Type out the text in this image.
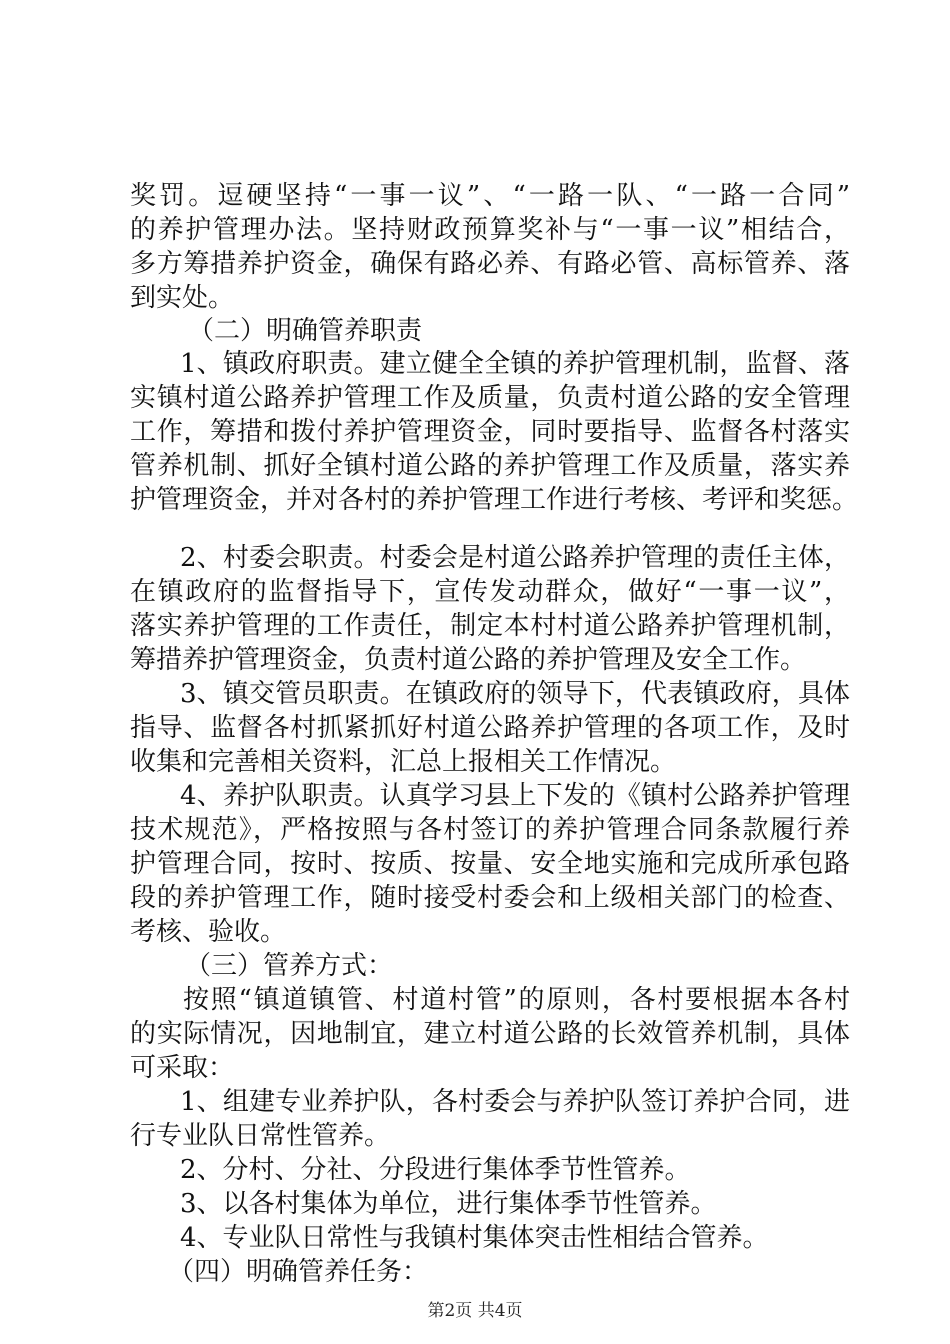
奖罚。逗硬坚持“一事一议”、“一路一队、“一路一合同”

的养护管理办法。坚持财政预算奖补与“一事一议”相结合，

多方筹措养护资金，确保有路必养、有路必管、高标管养、落

到实处。

（二）明确管养职责

1、镇政府职责。建立健全全镇的养护管理机制，监督、落

实镇村道公路养护管理工作及质量，负责村道公路的安全管理

工作，筹措和拨付养护管理资金，同时要指导、监督各村落实

管养机制、抓好全镇村道公路的养护管理工作及质量，落实养

护管理资金，并对各村的养护管理工作进行考核、考评和奖惩。

2、村委会职责。村委会是村道公路养护管理的责任主体，

在镇政府的监督指导下，宣传发动群众，做好“一事一议”，

落实养护管理的工作责任，制定本村村道公路养护管理机制，

筹措养护管理资金，负责村道公路的养护管理及安全工作。

3、镇交管员职责。在镇政府的领导下，代表镇政府，具体

指导、监督各村抓紧抓好村道公路养护管理的各项工作，及时

收集和完善相关资料，汇总上报相关工作情况。

4、养护队职责。认真学习县上下发的《镇村公路养护管理

技术规范》，严格按照与各村签订的养护管理合同条款履行养

护管理合同，按时、按质、按量、安全地实施和完成所承包路

段的养护管理工作，随时接受村委会和上级相关部门的检查、

考核、验收。

（三）管养方式：

按照“镇道镇管、村道村管”的原则，各村要根据本各村

的实际情况，因地制宜，建立村道公路的长效管养机制，具体

可采取：

1、组建专业养护队，各村委会与养护队签订养护合同，进

行专业队日常性管养。

2、分村、分社、分段进行集体季节性管养。

3、以各村集体为单位，进行集体季节性管养。

4、专业队日常性与我镇村集体突击性相结合管养。

（四）明确管养任务：

第2页 共4页
